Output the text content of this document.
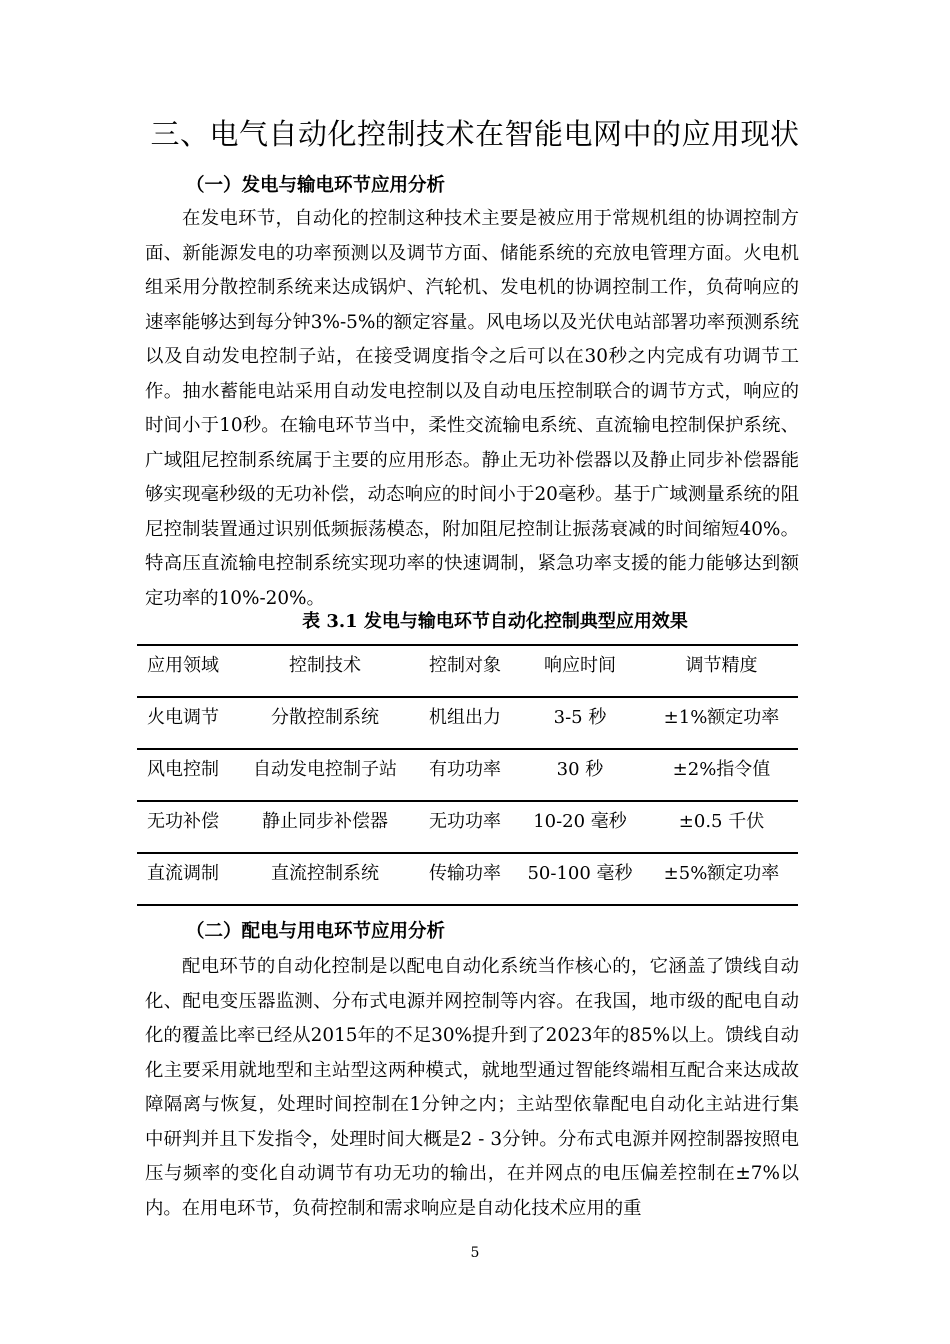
三、电气自动化控制技术在智能电网中的应用现状
（一）发电与输电环节应用分析

在发电环节，自动化的控制这种技术主要是被应用于常规机组的协调控制方面、新能源发电的功率预测以及调节方面、储能系统的充放电管理方面。火电机组采用分散控制系统来达成锅炉、汽轮机、发电机的协调控制工作，负荷响应的速率能够达到每分钟3%-5%的额定容量。风电场以及光伏电站部署功率预测系统以及自动发电控制子站，在接受调度指令之后可以在30秒之内完成有功调节工作。抽水蓄能电站采用自动发电控制以及自动电压控制联合的调节方式，响应的时间小于10秒。在输电环节当中，柔性交流输电系统、直流输电控制保护系统、广域阻尼控制系统属于主要的应用形态。静止无功补偿器以及静止同步补偿器能够实现毫秒级的无功补偿，动态响应的时间小于20毫秒。基于广域测量系统的阻尼控制装置通过识别低频振荡模态，附加阻尼控制让振荡衰减的时间缩短40%。特高压直流输电控制系统实现功率的快速调制，紧急功率支援的能力能够达到额定功率的10%-20%。

表 3.1 发电与输电环节自动化控制典型应用效果
应用领域	控制技术	控制对象	响应时间	调节精度
火电调节	分散控制系统	机组出力	3-5 秒	±1%额定功率
风电控制	自动发电控制子站	有功功率	30 秒	±2%指令值
无功补偿	静止同步补偿器	无功功率	10-20 毫秒	±0.5 千伏
直流调制	直流控制系统	传输功率	50-100 毫秒	±5%额定功率
（二）配电与用电环节应用分析

配电环节的自动化控制是以配电自动化系统当作核心的，它涵盖了馈线自动化、配电变压器监测、分布式电源并网控制等内容。在我国，地市级的配电自动化的覆盖比率已经从2015年的不足30%提升到了2023年的85%以上。馈线自动化主要采用就地型和主站型这两种模式，就地型通过智能终端相互配合来达成故障隔离与恢复，处理时间控制在1分钟之内；主站型依靠配电自动化主站进行集中研判并且下发指令，处理时间大概是2 - 3分钟。分布式电源并网控制器按照电压与频率的变化自动调节有功无功的输出，在并网点的电压偏差控制在±7%以内。在用电环节，负荷控制和需求响应是自动化技术应用的重

5
